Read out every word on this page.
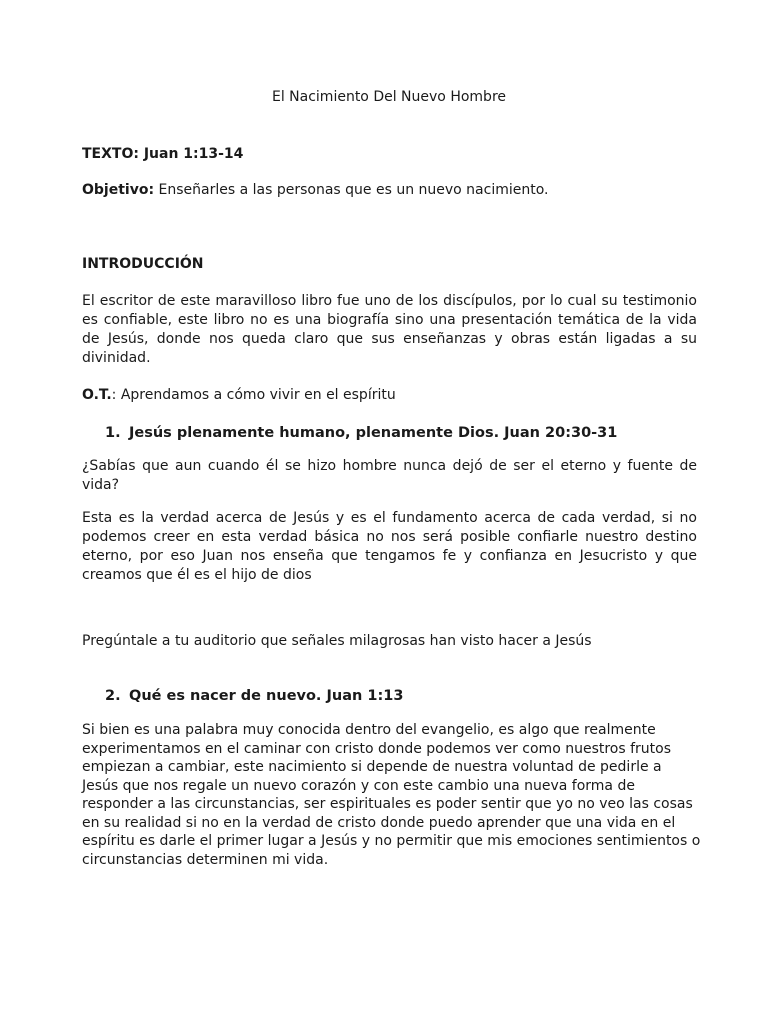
El Nacimiento Del Nuevo Hombre

TEXTO: Juan 1:13-14

Objetivo: Enseñarles a las personas que es un nuevo nacimiento.

INTRODUCCIÓN

El escritor de este maravilloso libro fue uno de los discípulos, por lo cual su testimonio es confiable, este libro no es una biografía sino una presentación temática de la vida de Jesús, donde nos queda claro que sus enseñanzas y obras están ligadas a su divinidad.

O.T.: Aprendamos a cómo vivir en el espíritu

1. Jesús plenamente humano, plenamente Dios. Juan 20:30-31

¿Sabías que aun cuando él se hizo hombre nunca dejó de ser el eterno y fuente de vida?

Esta es la verdad acerca de Jesús y es el fundamento acerca de cada verdad, si no podemos creer en esta verdad básica no nos será posible confiarle nuestro destino eterno, por eso Juan nos enseña que tengamos fe y confianza en Jesucristo y que creamos que él es el hijo de dios

Pregúntale a tu auditorio que señales milagrosas han visto hacer a Jesús

2. Qué es nacer de nuevo. Juan 1:13

Si bien es una palabra muy conocida dentro del evangelio, es algo que realmente experimentamos en el caminar con cristo donde podemos ver como nuestros frutos empiezan a cambiar, este nacimiento si depende de nuestra voluntad de pedirle a Jesús que nos regale un nuevo corazón y con este cambio una nueva forma de responder a las circunstancias, ser espirituales es poder sentir que yo no veo las cosas en su realidad si no en la verdad de cristo donde puedo aprender que una vida en el espíritu es darle el primer lugar a Jesús y no permitir que mis emociones sentimientos o circunstancias determinen mi vida.
